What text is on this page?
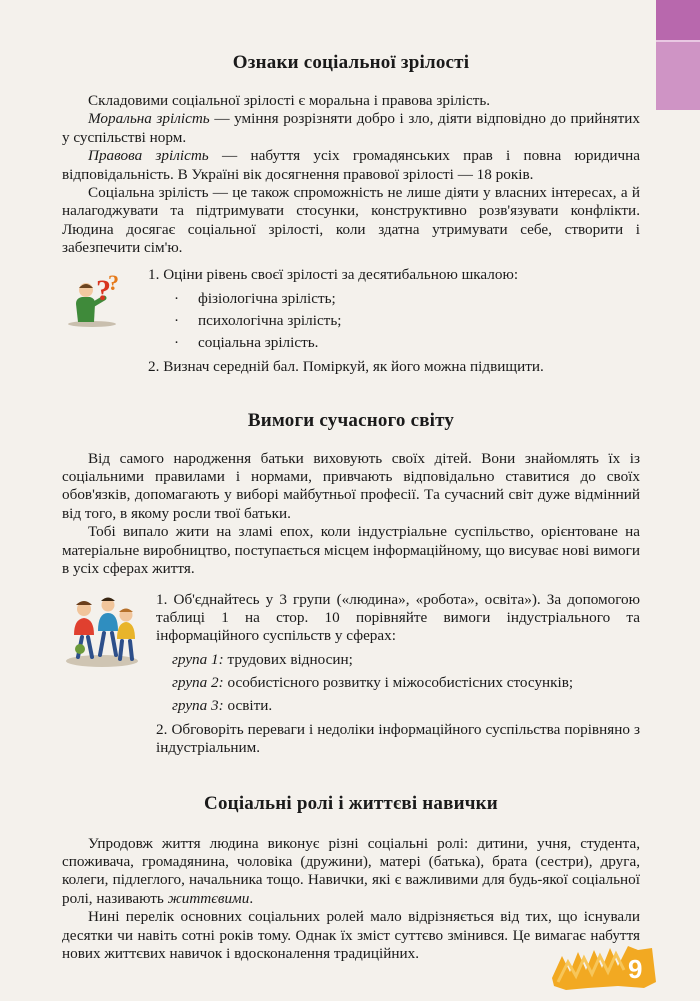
Ознаки соціальної зрілості

Складовими соціальної зрілості є моральна і правова зрілість.

Моральна зрілість — уміння розрізняти добро і зло, діяти відповідно до прийнятих у суспільстві норм.

Правова зрілість — набуття усіх громадянських прав і повна юридична відповідальність. В Україні вік досягнення правової зрілості — 18 років.

Соціальна зрілість — це також спроможність не лише діяти у власних інтересах, а й налагоджувати та підтримувати стосунки, конструктивно розв'язувати конфлікти. Людина досягає соціальної зрілості, коли здатна утримувати себе, створити і забезпечити сім'ю.

?
? 1. Оціни рівень своєї зрілості за десятибальною шкалою:
· фізіологічна зрілість;
· психологічна зрілість;
· соціальна зрілість.
2. Визнач середній бал. Поміркуй, як його можна підвищити.
Вимоги сучасного світу

Від самого народження батьки виховують своїх дітей. Вони знайомлять їх із соціальними правилами і нормами, привчають відповідально ставитися до своїх обов'язків, допомагають у виборі майбутньої професії. Та сучасний світ дуже відмінний від того, в якому росли твої батьки.

Тобі випало жити на зламі епох, коли індустріальне суспільство, орієнтоване на матеріальне виробництво, поступається місцем інформаційному, що висуває нові вимоги в усіх сферах життя.

1. Об'єднайтесь у 3 групи («людина», «робота», освіта»). За допомогою таблиці 1 на стор. 10 порівняйте вимоги індустріального та інформаційного суспільств у сферах:
група 1: трудових відносин;
група 2: особистісного розвитку і міжособистісних стосунків;
група 3: освіти.
2. Обговоріть переваги і недоліки інформаційного суспільства порівняно з індустріальним.
Соціальні ролі і життєві навички

Упродовж життя людина виконує різні соціальні ролі: дитини, учня, студента, споживача, громадянина, чоловіка (дружини), матері (батька), брата (сестри), друга, колеги, підлеглого, начальника тощо. Навички, які є важливими для будь-якої соціальної ролі, називають життєвими.

Нині перелік основних соціальних ролей мало відрізняється від тих, що існували десятки чи навіть сотні років тому. Однак їх зміст суттєво змінився. Це вимагає набуття нових життєвих навичок і вдосконалення традиційних.

9
